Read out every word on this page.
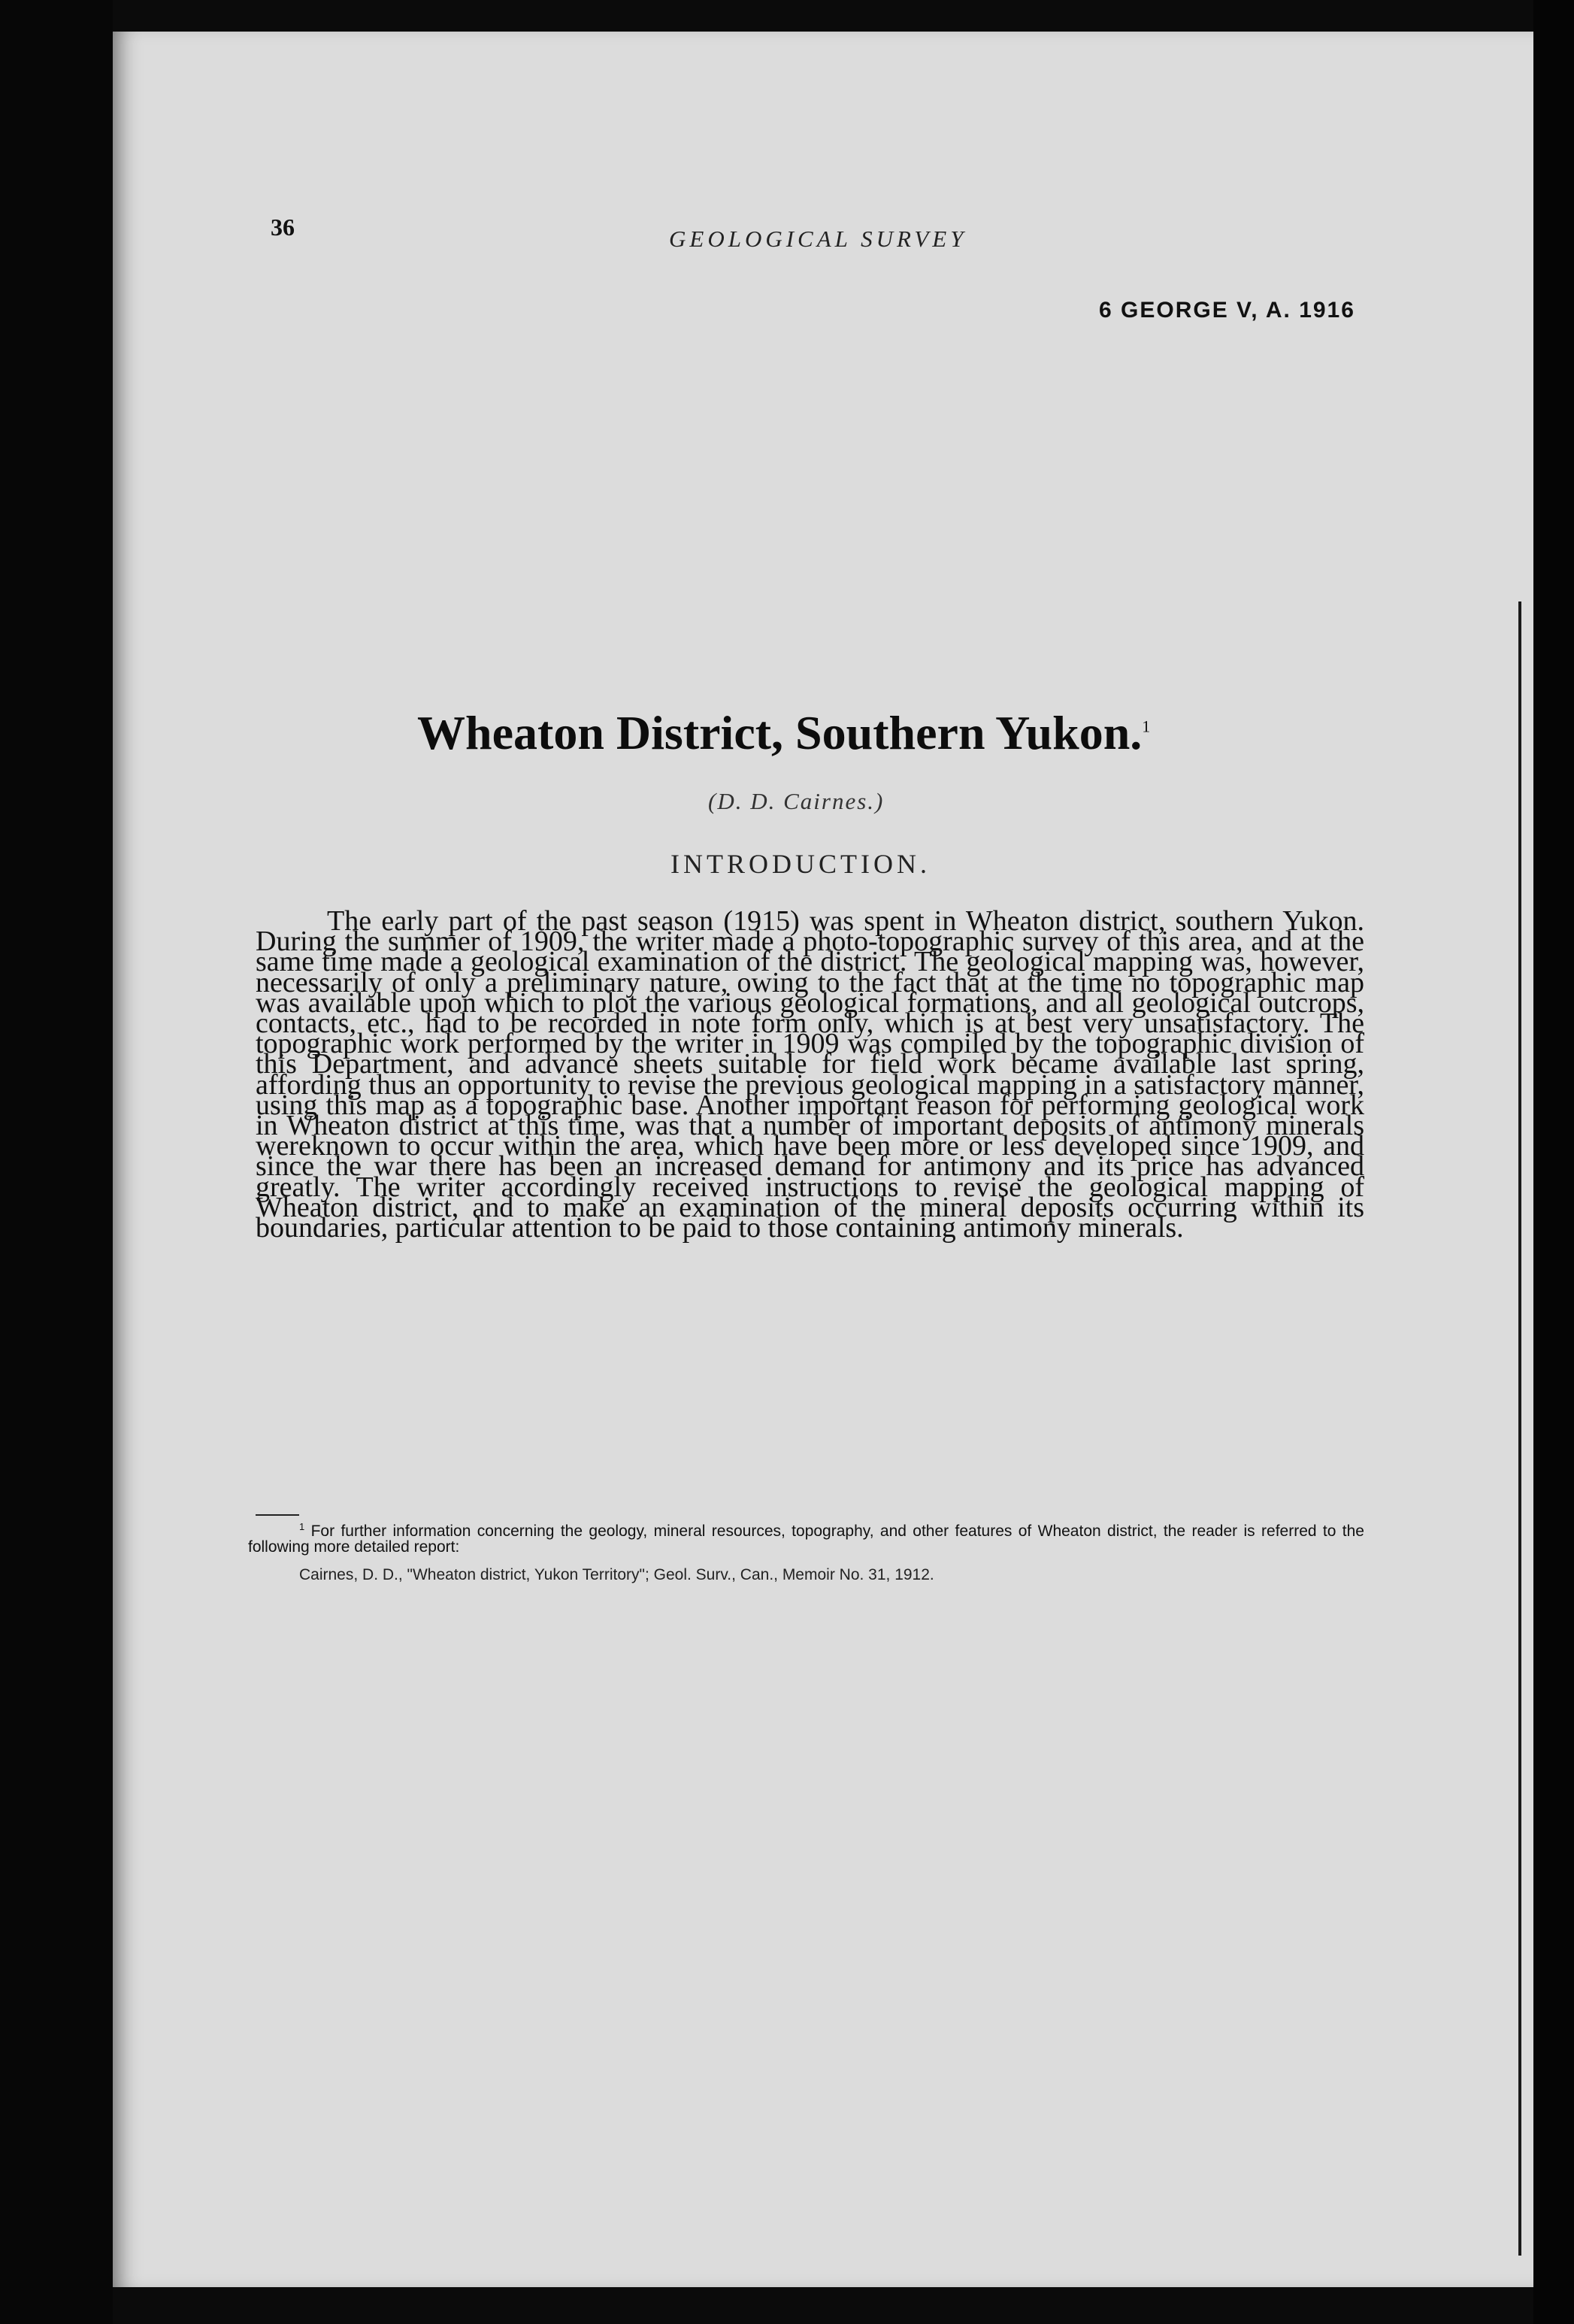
36	GEOLOGICAL SURVEY
6 GEORGE V, A. 1916
Wheaton District, Southern Yukon.$^1$
(D. D. Cairnes.)
INTRODUCTION.

The early part of the past season (1915) was spent in Wheaton district, southern Yukon. During the summer of 1909, the writer made a photo-topographic survey of this area, and at the same time made a geological examination of the district. The geological mapping was, however, necessarily of only a preliminary nature, owing to the fact that at the time no topographic map was available upon which to plot the various geological formations, and all geological outcrops, contacts, etc., had to be recorded in note form only, which is at best very unsatisfactory. The topographic work performed by the writer in 1909 was compiled by the topographic division of this Department, and advance sheets suitable for field work became available last spring, affording thus an opportunity to revise the previous geological mapping in a satisfactory manner, using this map as a topographic base. Another important reason for performing geological work in Wheaton district at this time, was that a number of important deposits of antimony minerals wereknown to occur within the area, which have been more or less developed since 1909, and since the war there has been an increased demand for antimony and its price has advanced greatly. The writer accordingly received instructions to revise the geological mapping of Wheaton district, and to make an examination of the mineral deposits occurring within its boundaries, particular attention to be paid to those containing antimony minerals.

$^1$ For further information concerning the geology, mineral resources, topography, and other features of Wheaton district, the reader is referred to the following more detailed report:

Cairnes, D. D., "Wheaton district, Yukon Territory"; Geol. Surv., Can., Memoir No. 31, 1912.
